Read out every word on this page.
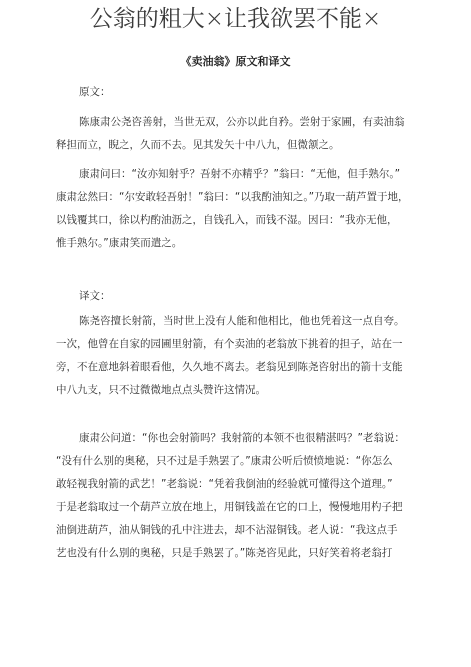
公翁的粗大×让我欲罢不能×
《卖油翁》原文和译文
原文：
陈康肃公尧咨善射，当世无双，公亦以此自矜。尝射于家圃，有卖油翁
释担而立，睨之，久而不去。见其发矢十中八九，但微颔之。
康肃问曰：“汝亦知射乎？吾射不亦精乎？”翁曰：“无他，但手熟尔。”
康肃忿然曰：“尔安敢轻吾射！”翁曰：“以我酌油知之。”乃取一葫芦置于地，
以钱覆其口，徐以杓酌油沥之，自钱孔入，而钱不湿。因曰：“我亦无他，
惟手熟尔。”康肃笑而遣之。
译文：
陈尧咨擅长射箭，当时世上没有人能和他相比，他也凭着这一点自夸。
一次，他曾在自家的园圃里射箭，有个卖油的老翁放下挑着的担子，站在一
旁，不在意地斜着眼看他，久久地不离去。老翁见到陈尧咨射出的箭十支能
中八九支，只不过微微地点点头赞许这情况。
康肃公问道：“你也会射箭吗？我射箭的本领不也很精湛吗？”老翁说：
“没有什么别的奥秘，只不过是手熟罢了。”康肃公听后愤愤地说：“你怎么
敢轻视我射箭的武艺！”老翁说：“凭着我倒油的经验就可懂得这个道理。”
于是老翁取过一个葫芦立放在地上，用铜钱盖在它的口上，慢慢地用杓子把
油倒进葫芦，油从铜钱的孔中注进去，却不沾湿铜钱。老人说：“我这点手
艺也没有什么别的奥秘，只是手熟罢了。”陈尧咨见此，只好笑着将老翁打
